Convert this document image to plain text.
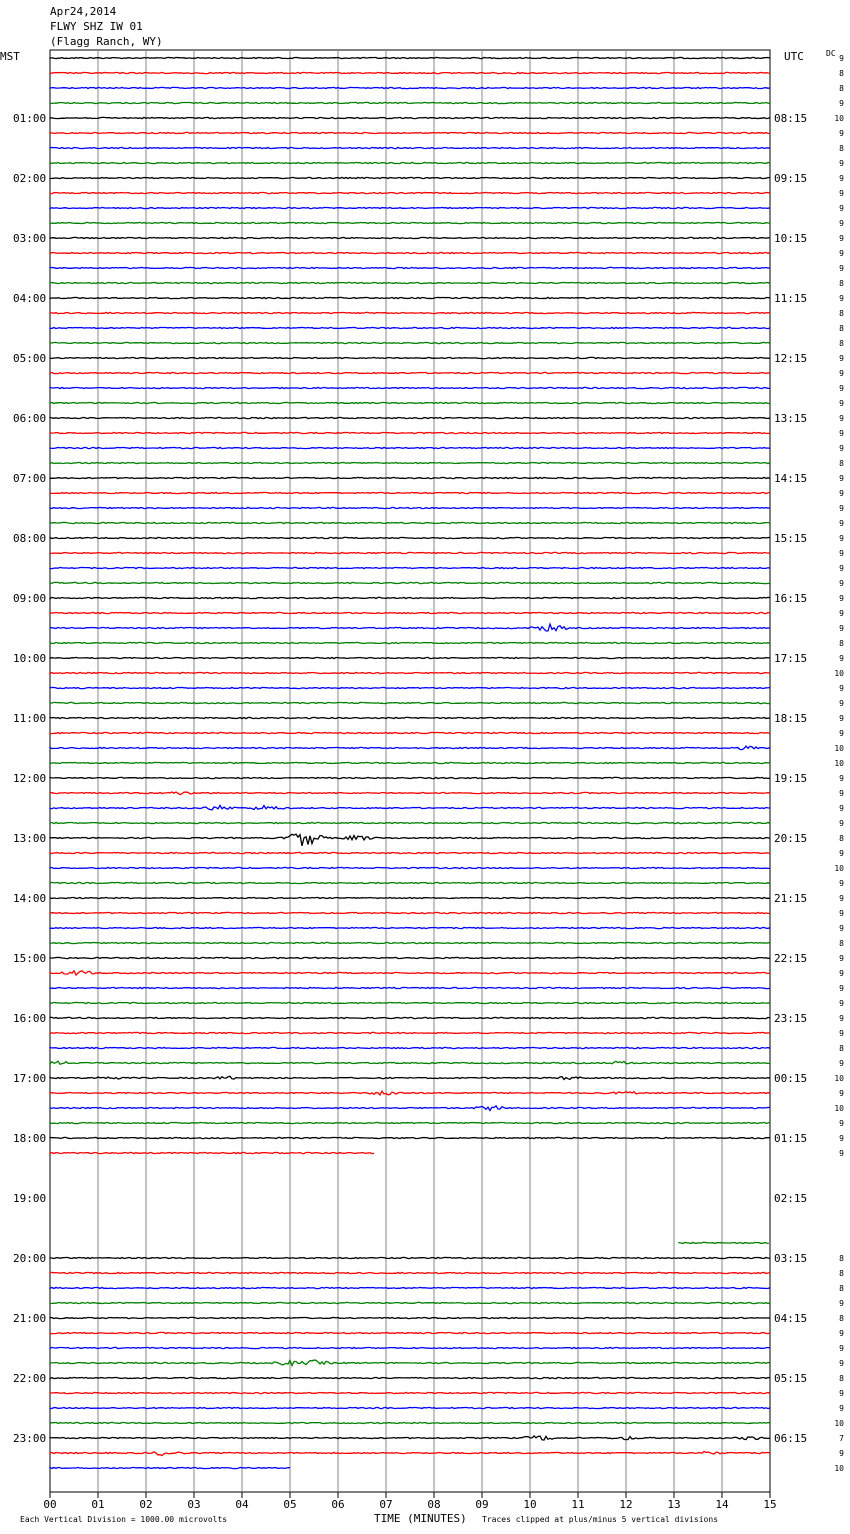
Apr24,2014
FLWY SHZ IW 01
(Flagg Ranch, WY)
01:00
02:00
03:00
04:00
05:00
06:00
07:00
08:00
09:00
10:00
11:00
12:00
13:00
14:00
15:00
16:00
17:00
18:00
19:00
20:00
21:00
22:00
23:00
08:15
09:15
10:15
11:15
12:15
13:15
14:15
15:15
16:15
17:15
18:15
19:15
20:15
21:15
22:15
23:15
00:15
01:15
02:15
03:15
04:15
05:15
06:15
9
8
8
9
10
9
8
9
9
9
9
9
9
9
9
8
9
8
8
8
9
9
9
9
9
9
9
8
9
9
9
9
9
9
9
9
9
9
9
8
9
10
9
9
9
9
10
10
9
9
9
9
8
9
10
9
9
9
9
8
9
9
9
9
9
9
8
9
10
9
10
9
9
9
8
8
8
9
8
9
9
9
8
9
9
10
7
9
10
00	01	02	03	04	05	06	07	08	09	10	11	12	13	14	15
MST	UTC	DC
Each Vertical Division = 1000.00 microvolts	TIME (MINUTES) Traces clipped at plus/minus 5 vertical divisions
